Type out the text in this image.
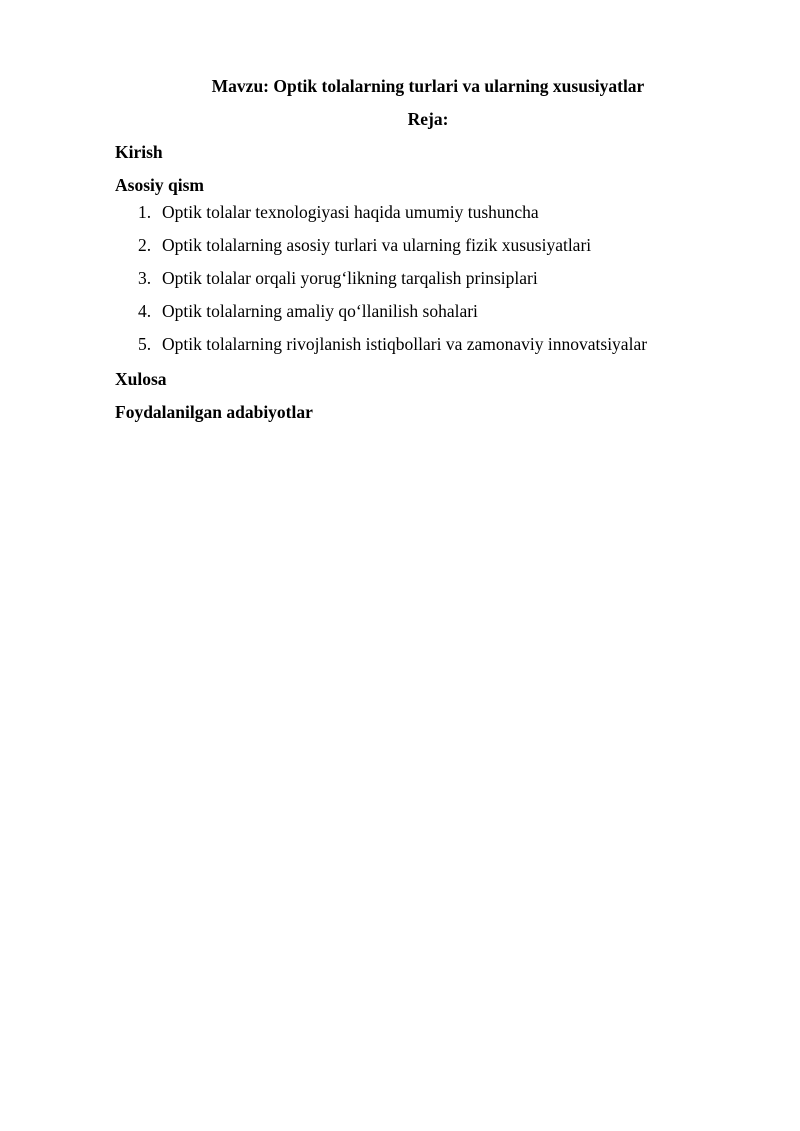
Mavzu: Optik tolalarning turlari va ularning xususiyatlar
Reja:
Kirish
Asosiy qism
1. Optik tolalar texnologiyasi haqida umumiy tushuncha
2. Optik tolalarning asosiy turlari va ularning fizik xususiyatlari
3. Optik tolalar orqali yorug‘likning tarqalish prinsiplari
4. Optik tolalarning amaliy qo‘llanilish sohalari
5. Optik tolalarning rivojlanish istiqbollari va zamonaviy innovatsiyalar
Xulosa
Foydalanilgan adabiyotlar
